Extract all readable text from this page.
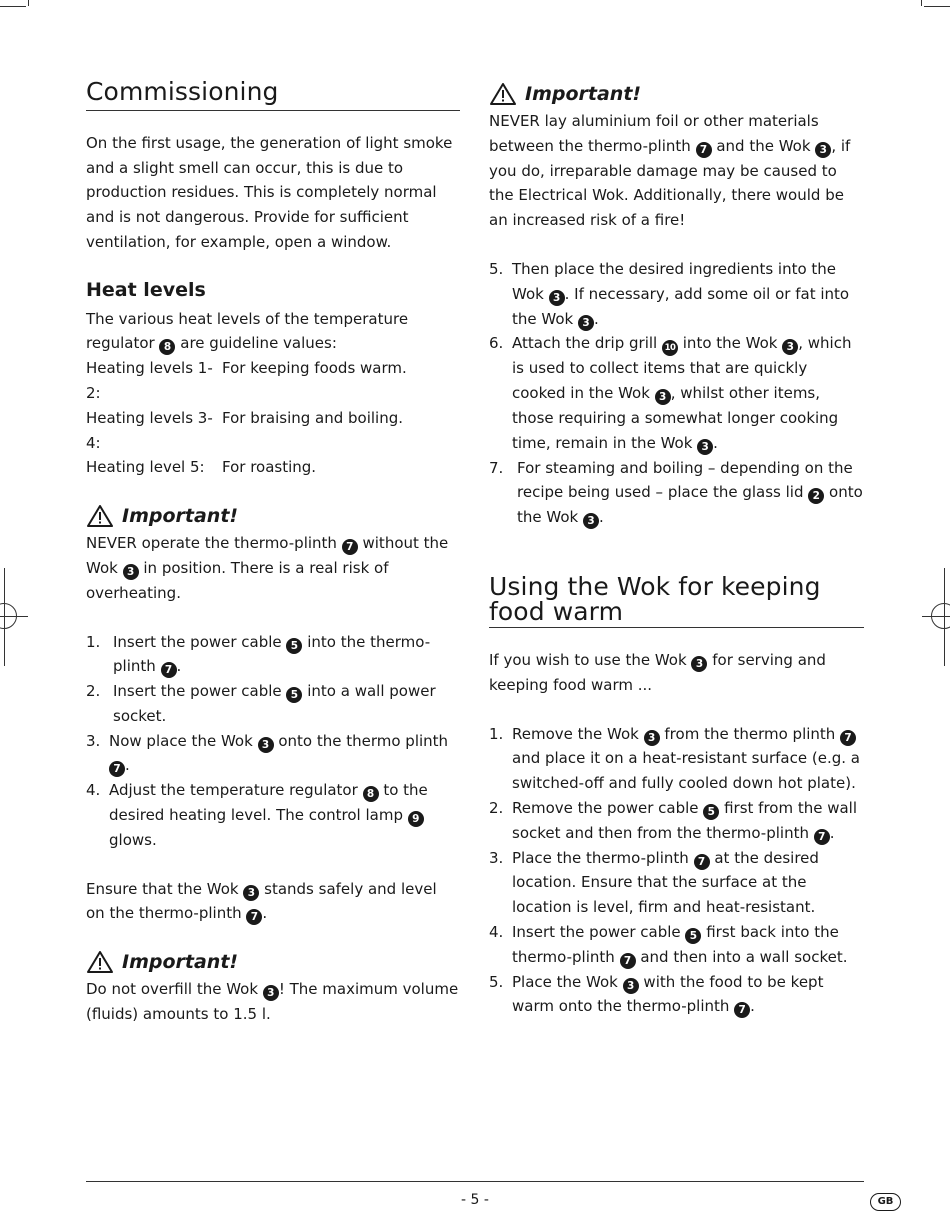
Commissioning

On the first usage, the generation of light smoke and a slight smell can occur, this is due to production residues. This is completely normal and is not dangerous. Provide for sufficient ventilation, for example, open a window.

Heat levels

The various heat levels of the temperature regulator 8 are guideline values:

Heating levels 1-2:
For keeping foods warm.
Heating levels 3-4:
For braising and boiling.
Heating level 5:	For roasting.
Important!

NEVER operate the thermo-plinth 7 without the Wok 3 in position. There is a real risk of overheating.

1. Insert the power cable 5 into the thermo-plinth 7 .
2. Insert the power cable 5 into a wall power socket.
3. Now place the Wok 3 onto the thermo plinth 7 .
4. Adjust the temperature regulator 8 to the desired heating level. The control lamp 9 glows.

Ensure that the Wok 3 stands safely and level on the thermo-plinth 7 .

Important!

Do not overfill the Wok 3 ! The maximum volume (fluids) amounts to 1.5 l.

Important!

NEVER lay aluminium foil or other materials between the thermo-plinth 7 and the Wok 3 , if you do, irreparable damage may be caused to the Electrical Wok. Additionally, there would be an increased risk of a fire!

5. Then place the desired ingredients into the Wok 3 . If necessary, add some oil or fat into the Wok 3 .
6. Attach the drip grill 10 into the Wok 3 , which is used to collect items that are quickly cooked in the Wok 3 , whilst other items, those requiring a somewhat longer cooking time, remain in the Wok 3 .
7. For steaming and boiling – depending on the recipe being used – place the glass lid 2 onto the Wok 3 .
Using the Wok for keeping food warm

If you wish to use the Wok 3 for serving and keeping food warm ...

1. Remove the Wok 3 from the thermo plinth 7 and place it on a heat-resistant surface (e.g. a switched-off and fully cooled down hot plate).
2. Remove the power cable 5 first from the wall socket and then from the thermo-plinth 7 .
3. Place the thermo-plinth 7 at the desired location. Ensure that the surface at the location is level, firm and heat-resistant.
4. Insert the power cable 5 first back into the thermo-plinth 7 and then into a wall socket.
5. Place the Wok 3 with the food to be kept warm onto the thermo-plinth 7 .
- 5 -	GB
